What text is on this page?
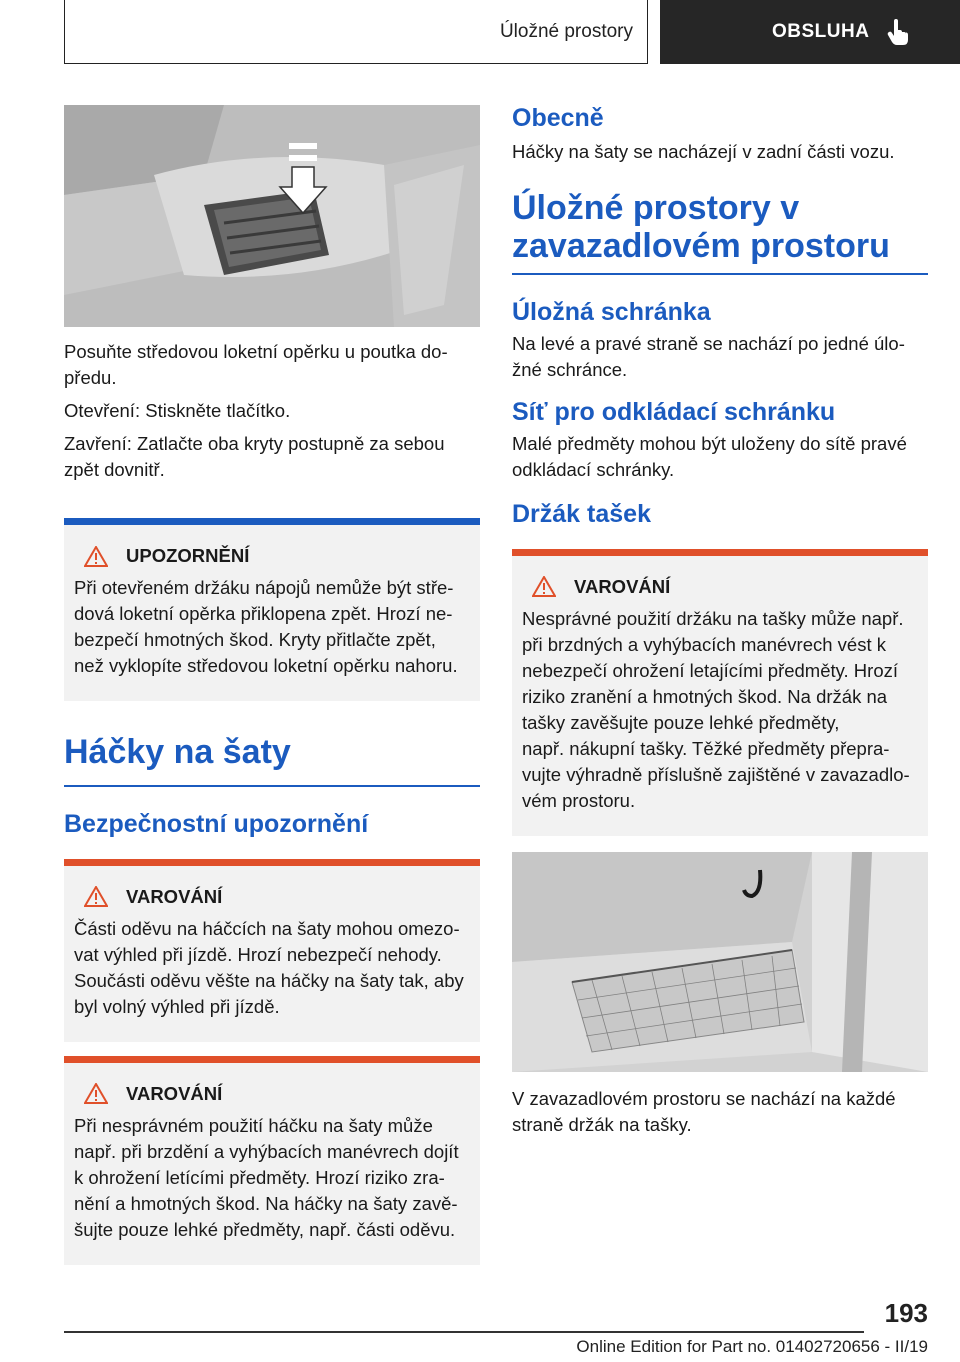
Úložné prostory	OBSLUHA

Posuňte středovou loketní opěrku u poutka do-

předu.

Otevření: Stiskněte tlačítko.

Zavření: Zatlačte oba kryty postupně za sebou

zpět dovnitř.

UPOZORNĚNÍ

Při otevřeném držáku nápojů nemůže být stře-

dová loketní opěrka přiklopena zpět. Hrozí ne-

bezpečí hmotných škod. Kryty přitlačte zpět,

než vyklopíte středovou loketní opěrku nahoru.

Háčky na šaty
Bezpečnostní upozornění
VAROVÁNÍ

Části oděvu na háčcích na šaty mohou omezo-

vat výhled při jízdě. Hrozí nebezpečí nehody.

Součásti oděvu věšte na háčky na šaty tak, aby

byl volný výhled při jízdě.

VAROVÁNÍ

Při nesprávném použití háčku na šaty může

např. při brzdění a vyhýbacích manévrech dojít

k ohrožení letícími předměty. Hrozí riziko zra-

nění a hmotných škod. Na háčky na šaty zavě-

šujte pouze lehké předměty, např. části oděvu.

Obecně

Háčky na šaty se nacházejí v zadní části vozu.

Úložné prostory v
zavazadlovém prostoru
Úložná schránka

Na levé a pravé straně se nachází po jedné úlo-

žné schránce.

Síť pro odkládací schránku

Malé předměty mohou být uloženy do sítě pravé

odkládací schránky.

Držák tašek
VAROVÁNÍ

Nesprávné použití držáku na tašky může např.

při brzdných a vyhýbacích manévrech vést k

nebezpečí ohrožení letajícími předměty. Hrozí

riziko zranění a hmotných škod. Na držák na

tašky zavěšujte pouze lehké předměty,

např. nákupní tašky. Těžké předměty přepra-

vujte výhradně příslušně zajištěné v zavazadlo-

vém prostoru.

V zavazadlovém prostoru se nachází na každé

straně držák na tašky.

193
Online Edition for Part no. 01402720656 - II/19
